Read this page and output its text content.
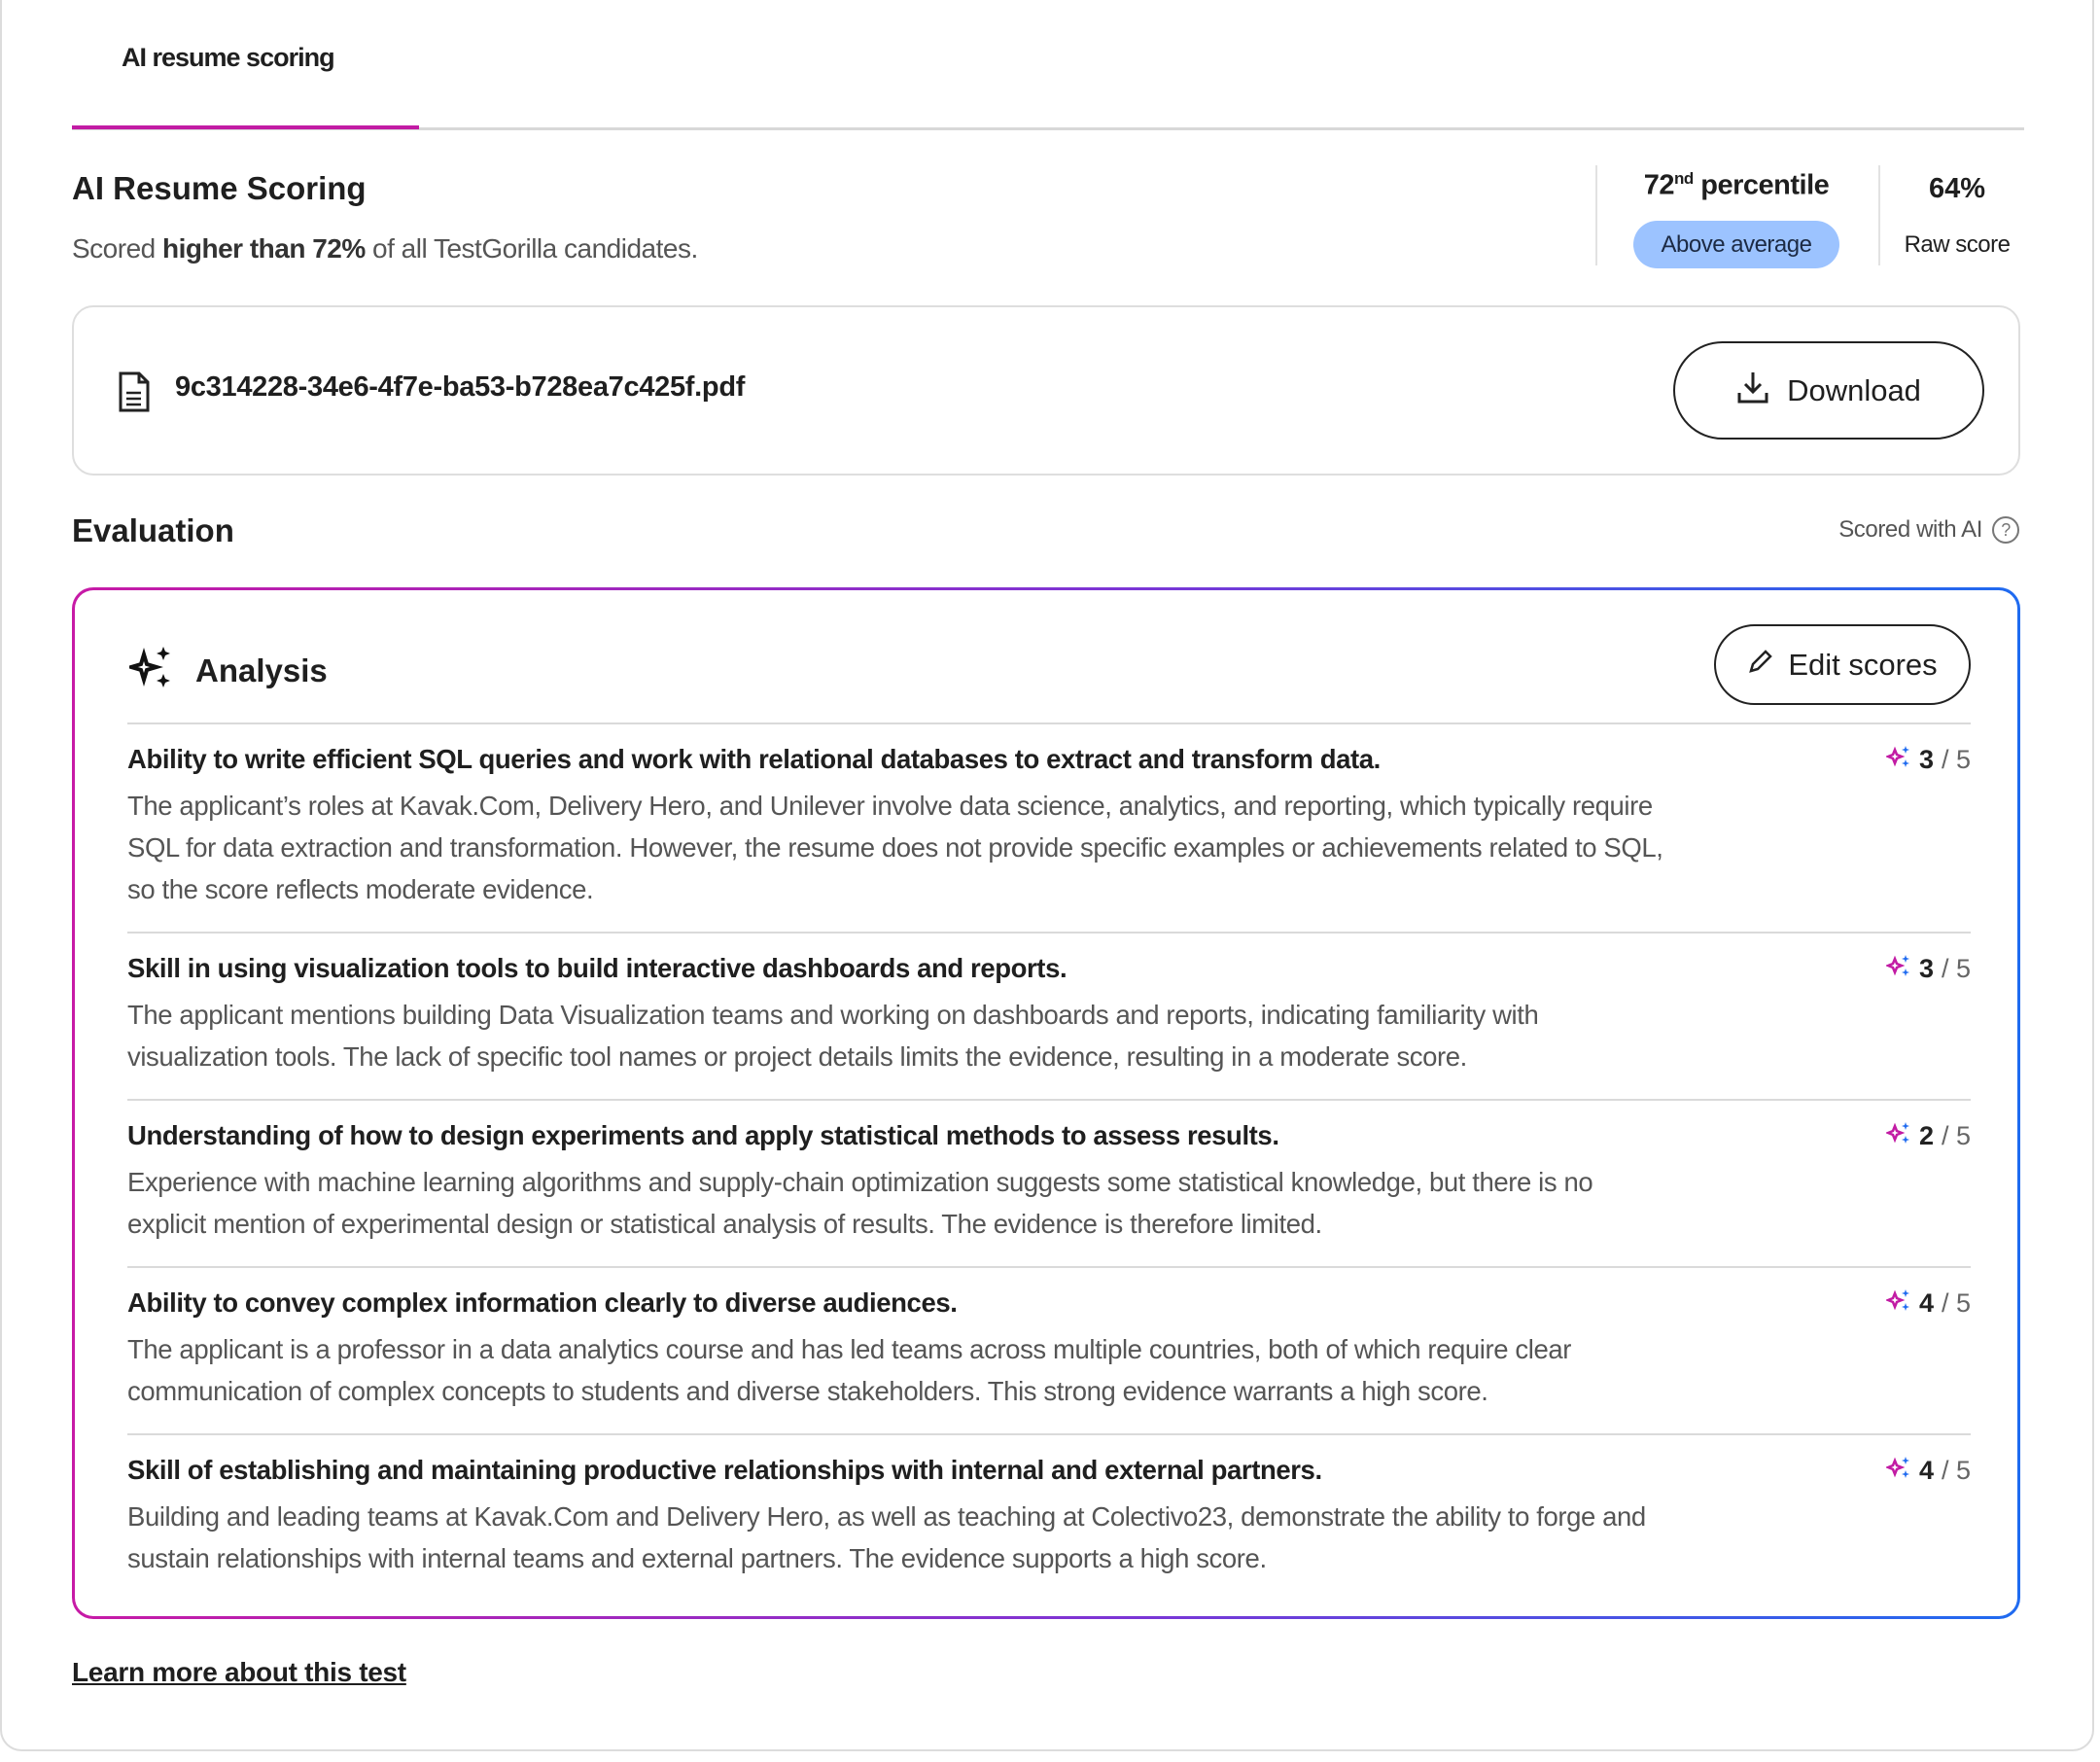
AI resume scoring
AI Resume Scoring
Scored higher than 72% of all TestGorilla candidates.
72nd percentile
Above average
64%
Raw score
9c314228-34e6-4f7e-ba53-b728ea7c425f.pdf	Download
Evaluation	Scored with AI	?
Analysis	Edit scores
Ability to write efficient SQL queries and work with relational databases to extract and transform data.	3 / 5
The applicant’s roles at Kavak.Com, Delivery Hero, and Unilever involve data science, analytics, and reporting, which typically require
SQL for data extraction and transformation. However, the resume does not provide specific examples or achievements related to SQL,
so the score reflects moderate evidence.
Skill in using visualization tools to build interactive dashboards and reports.	3 / 5
The applicant mentions building Data Visualization teams and working on dashboards and reports, indicating familiarity with
visualization tools. The lack of specific tool names or project details limits the evidence, resulting in a moderate score.
Understanding of how to design experiments and apply statistical methods to assess results.	2 / 5
Experience with machine learning algorithms and supply-chain optimization suggests some statistical knowledge, but there is no
explicit mention of experimental design or statistical analysis of results. The evidence is therefore limited.
Ability to convey complex information clearly to diverse audiences.	4 / 5
The applicant is a professor in a data analytics course and has led teams across multiple countries, both of which require clear
communication of complex concepts to students and diverse stakeholders. This strong evidence warrants a high score.
Skill of establishing and maintaining productive relationships with internal and external partners.	4 / 5
Building and leading teams at Kavak.Com and Delivery Hero, as well as teaching at Colectivo23, demonstrate the ability to forge and
sustain relationships with internal teams and external partners. The evidence supports a high score.
Learn more about this test
